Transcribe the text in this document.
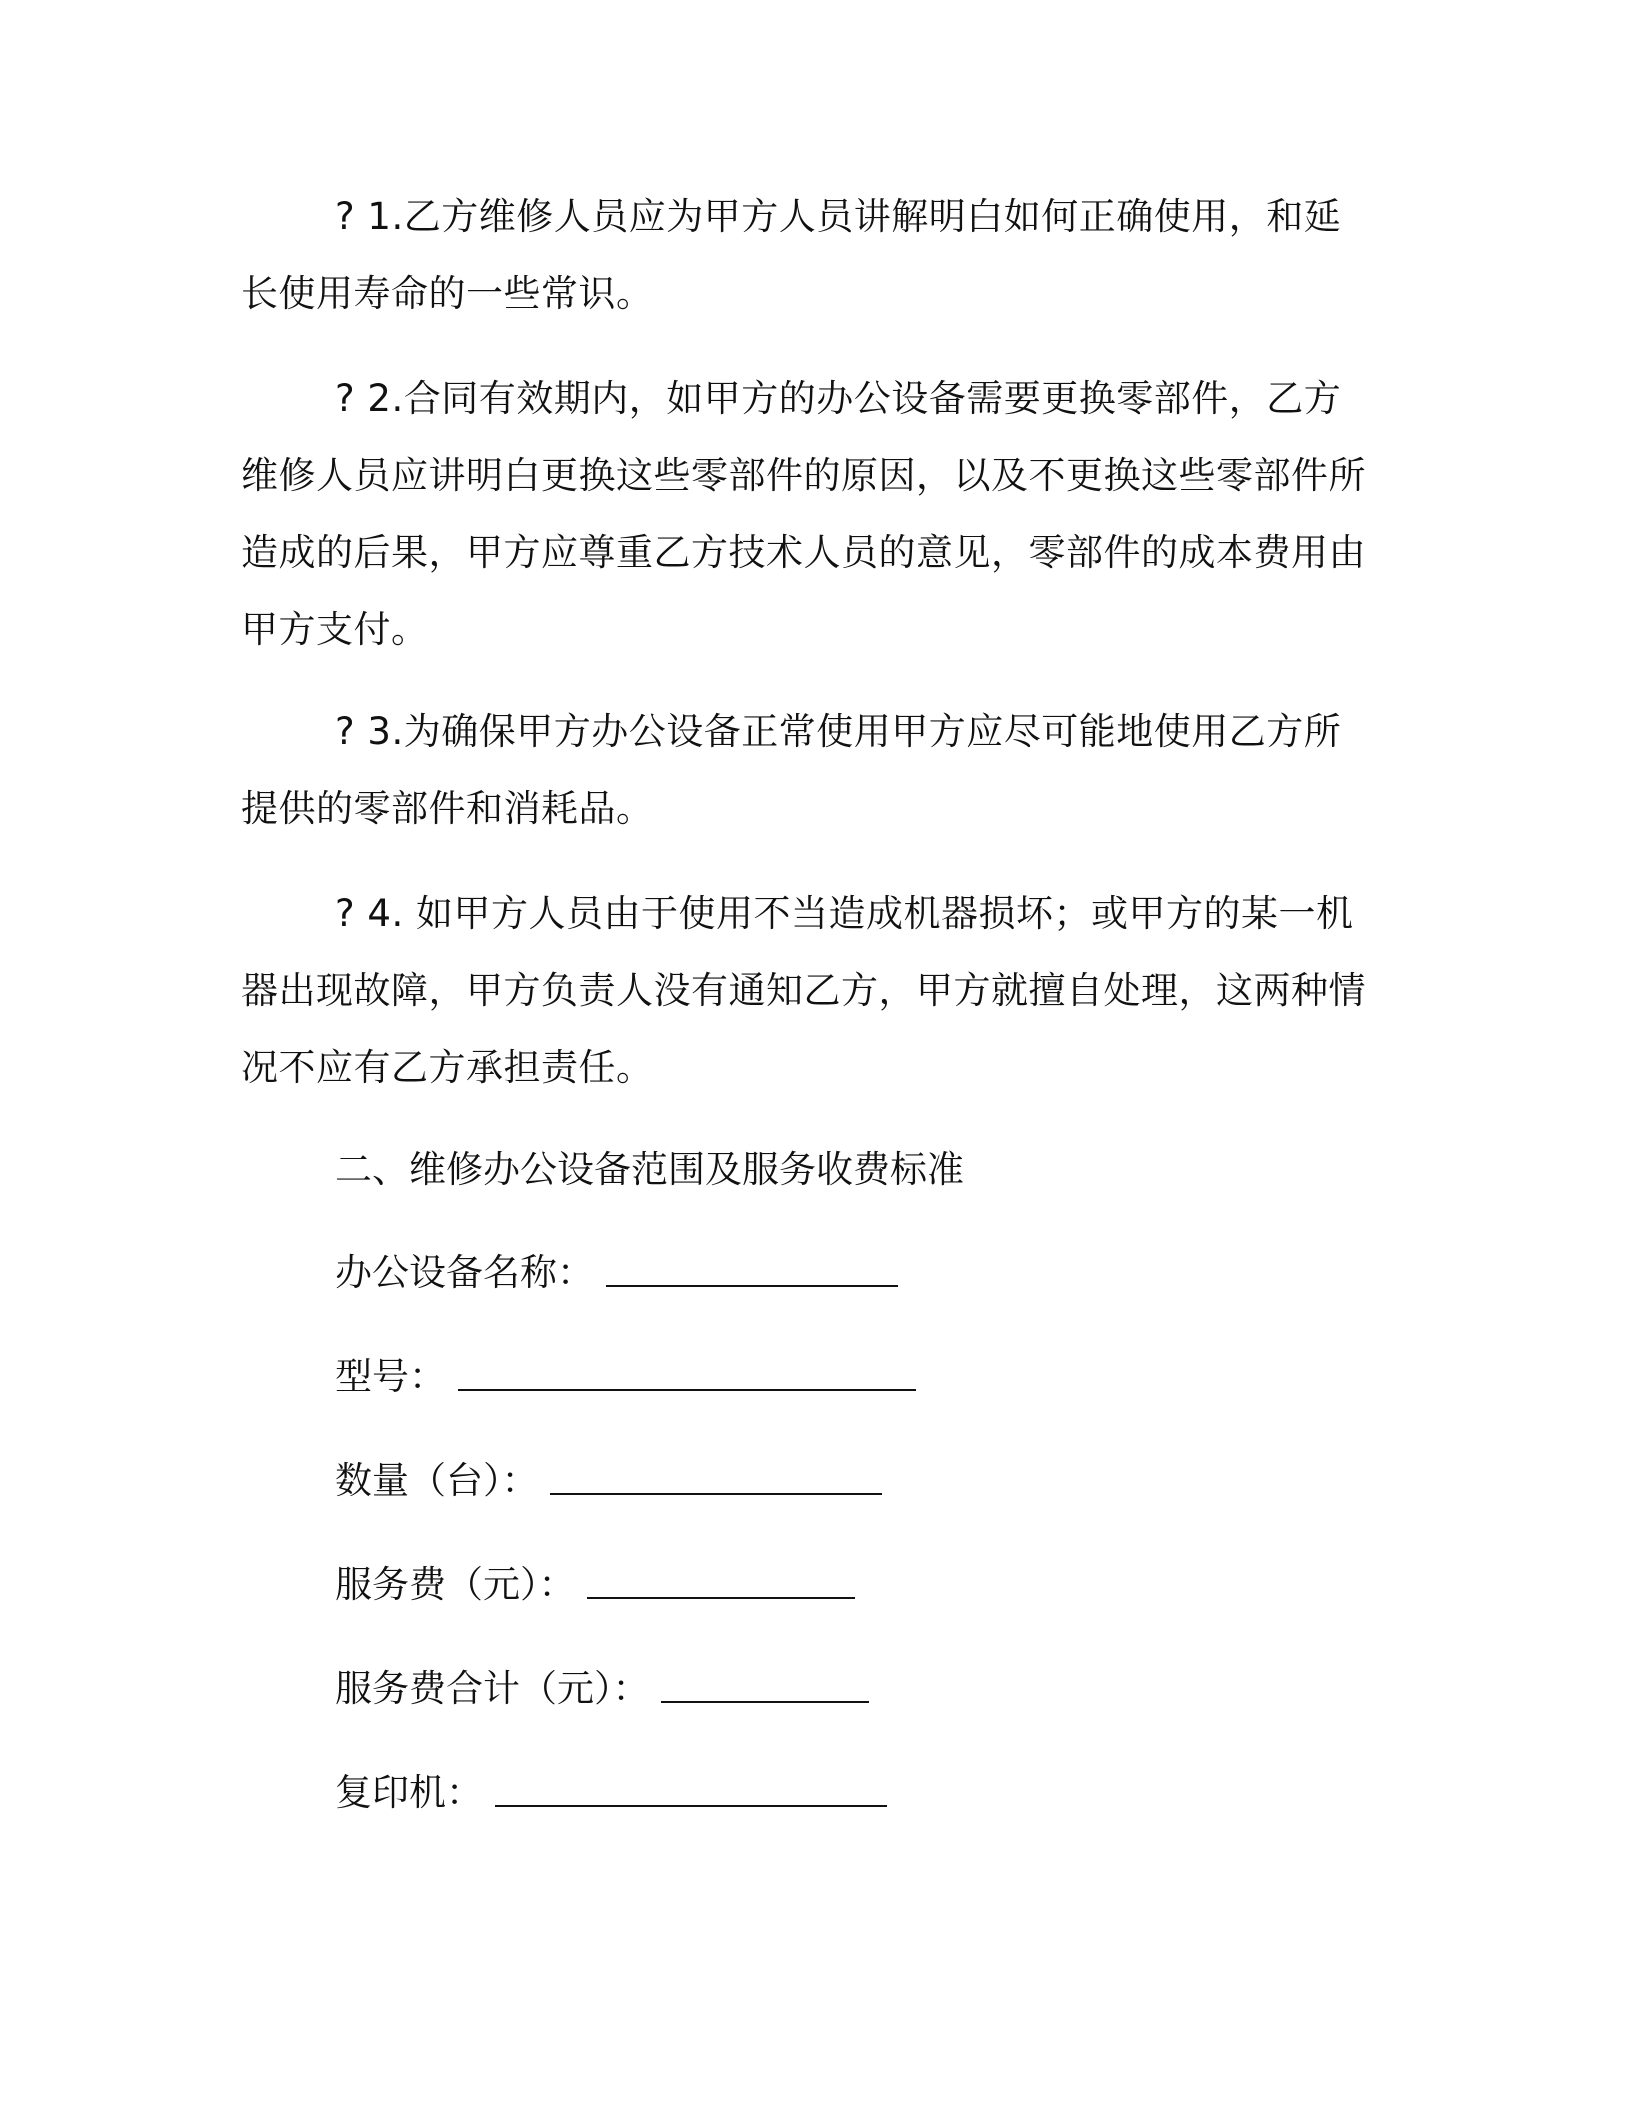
? 1.乙方维修人员应为甲方人员讲解明白如何正确使用，和延长使用寿命的一些常识。

? 2.合同有效期内，如甲方的办公设备需要更换零部件，乙方维修人员应讲明白更换这些零部件的原因，以及不更换这些零部件所造成的后果，甲方应尊重乙方技术人员的意见，零部件的成本费用由甲方支付。

? 3.为确保甲方办公设备正常使用甲方应尽可能地使用乙方所提供的零部件和消耗品。

? 4. 如甲方人员由于使用不当造成机器损坏；或甲方的某一机器出现故障，甲方负责人没有通知乙方，甲方就擅自处理，这两种情况不应有乙方承担责任。

二、维修办公设备范围及服务收费标准

办公设备名称：
型号：
数量（台）：
服务费（元）：
服务费合计（元）：
复印机：
